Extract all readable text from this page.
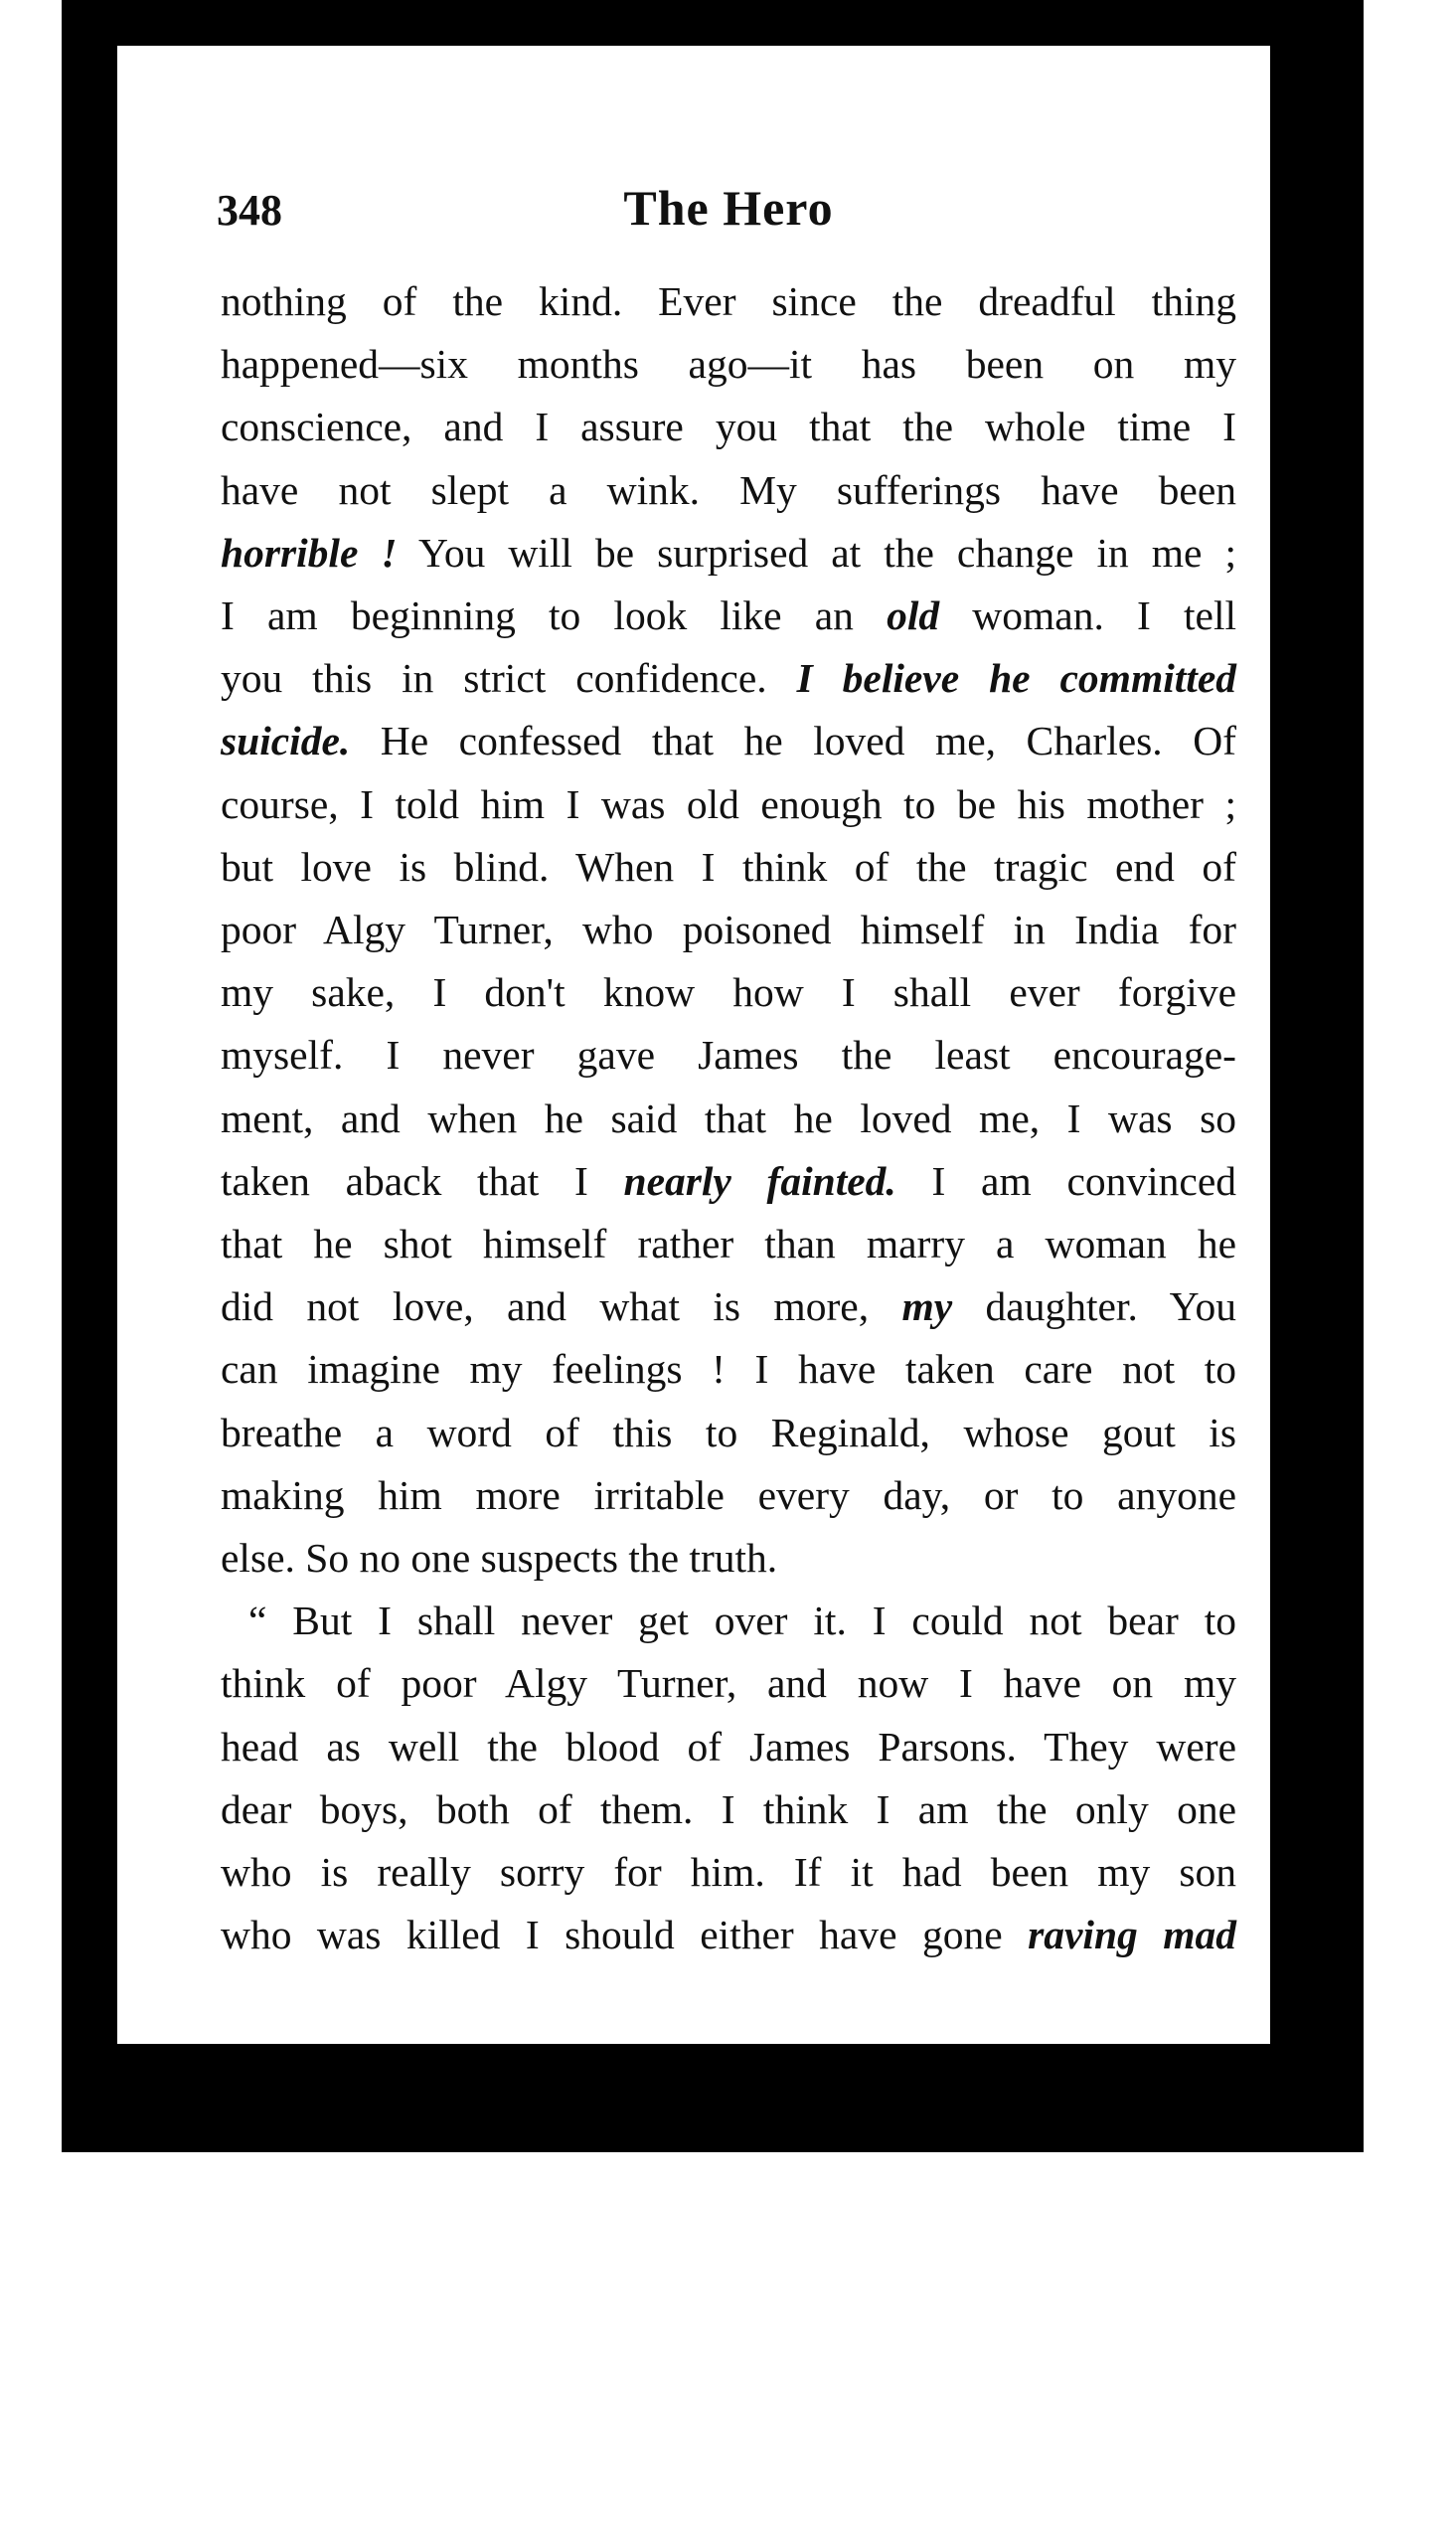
348	The Hero
nothing of the kind. Ever since the dreadful thing
happened—six months ago—it has been on my
conscience, and I assure you that the whole time I
have not slept a wink. My sufferings have been
horrible ! You will be surprised at the change in me ;
I am beginning to look like an old woman. I tell
you this in strict confidence. I believe he committed
suicide. He confessed that he loved me, Charles. Of
course, I told him I was old enough to be his mother ;
but love is blind. When I think of the tragic end of
poor Algy Turner, who poisoned himself in India for
my sake, I don't know how I shall ever forgive
myself. I never gave James the least encourage-
ment, and when he said that he loved me, I was so
taken aback that I nearly fainted. I am convinced
that he shot himself rather than marry a woman he
did not love, and what is more, my daughter. You
can imagine my feelings ! I have taken care not to
breathe a word of this to Reginald, whose gout is
making him more irritable every day, or to anyone
else. So no one suspects the truth.
“ But I shall never get over it. I could not bear to
think of poor Algy Turner, and now I have on my
head as well the blood of James Parsons. They were
dear boys, both of them. I think I am the only one
who is really sorry for him. If it had been my son
who was killed I should either have gone raving mad
